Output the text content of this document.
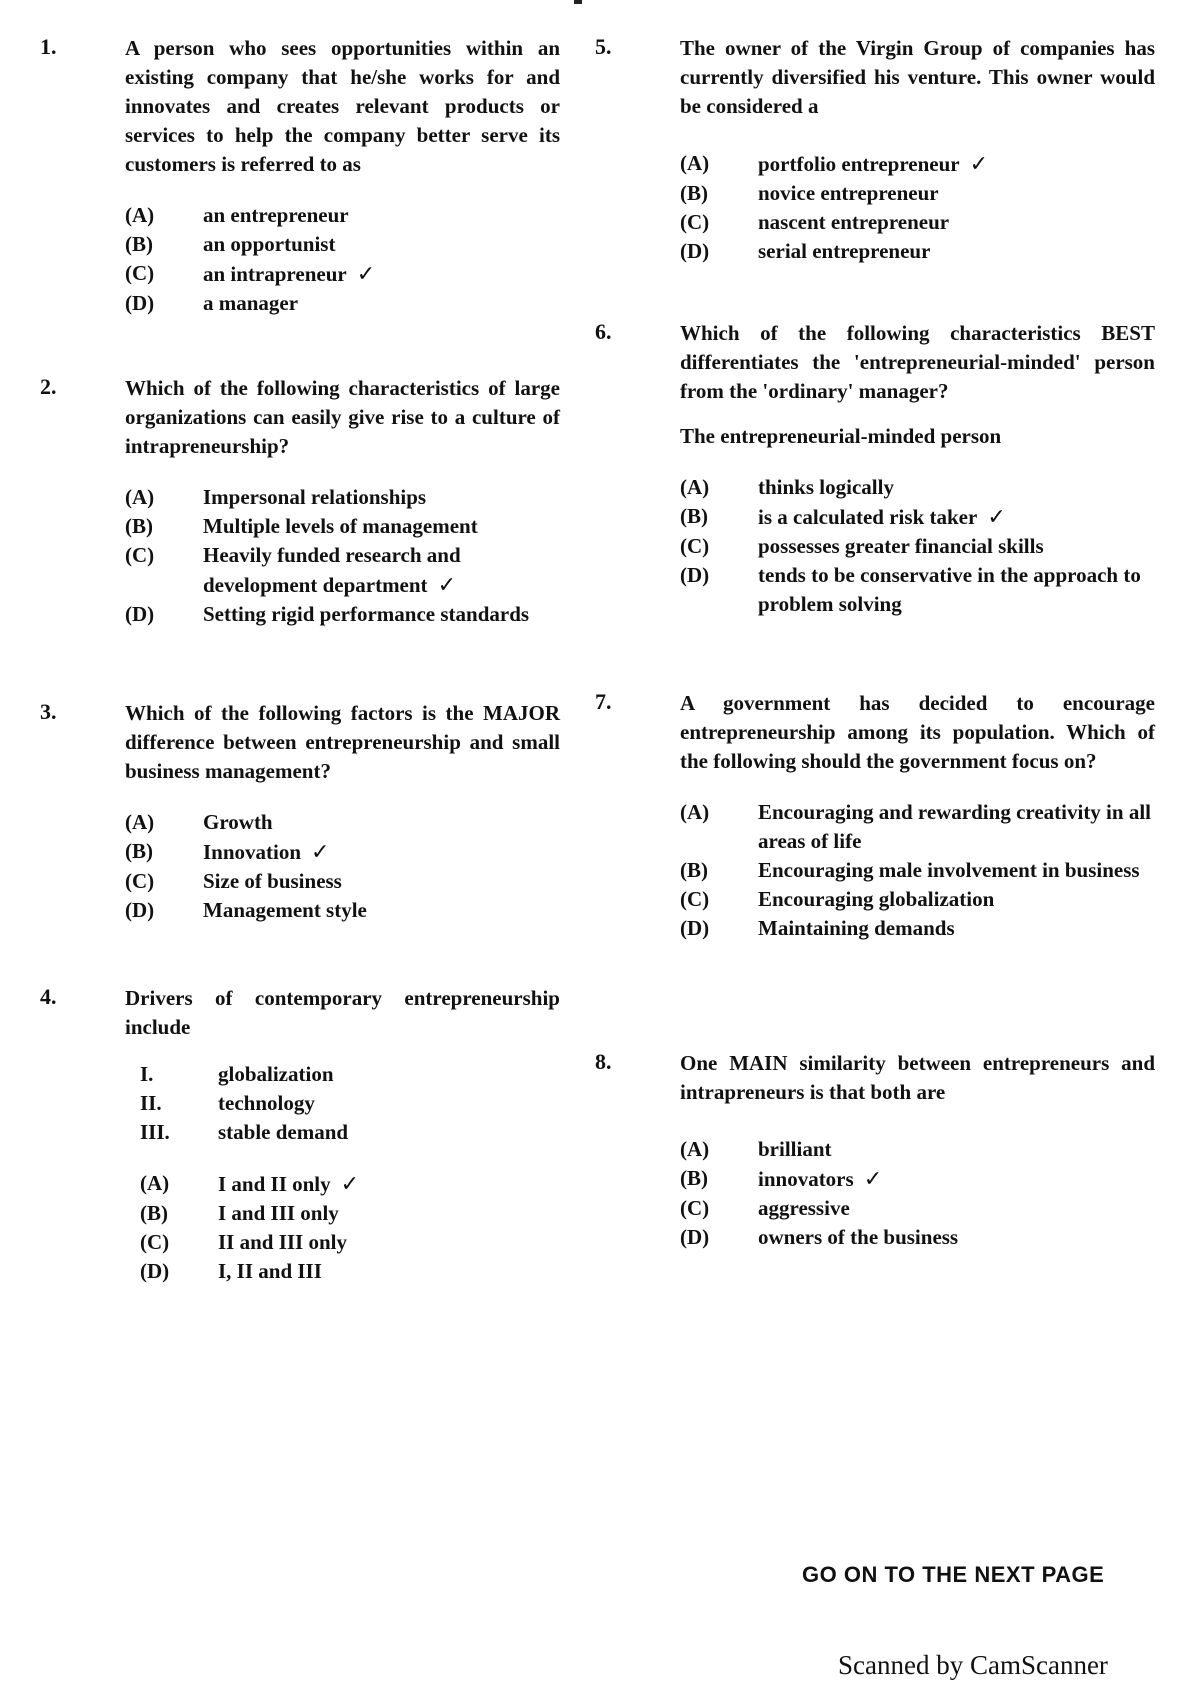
1.	A person who sees opportunities within an existing company that he/she works for and innovates and creates relevant products or services to help the company better serve its customers is referred to as
(A)	an entrepreneur
(B)	an opportunist
(C)	an intrapreneur ✓
(D)	a manager
2.	Which of the following characteristics of large organizations can easily give rise to a culture of intrapreneurship?
(A)	Impersonal relationships
(B)	Multiple levels of management
(C)	Heavily funded research and development department ✓
(D)	Setting rigid performance standards
3.	Which of the following factors is the MAJOR difference between entrepreneurship and small business management?
(A)	Growth
(B)	Innovation ✓
(C)	Size of business
(D)	Management style
4.	Drivers of contemporary entrepreneurship include
I.	globalization
II.	technology
III.	stable demand
(A)	I and II only ✓
(B)	I and III only
(C)	II and III only
(D)	I, II and III
5.	The owner of the Virgin Group of companies has currently diversified his venture. This owner would be considered a
(A)	portfolio entrepreneur ✓
(B)	novice entrepreneur
(C)	nascent entrepreneur
(D)	serial entrepreneur
6.	Which of the following characteristics BEST differentiates the 'entrepreneurial-minded' person from the 'ordinary' manager?
The entrepreneurial-minded person
(A)	thinks logically
(B)	is a calculated risk taker ✓
(C)	possesses greater financial skills
(D)	tends to be conservative in the approach to problem solving
7.	A government has decided to encourage entrepreneurship among its population. Which of the following should the government focus on?
(A)	Encouraging and rewarding creativity in all areas of life
(B)	Encouraging male involvement in business
(C)	Encouraging globalization
(D)	Maintaining demands
8.	One MAIN similarity between entrepreneurs and intrapreneurs is that both are
(A)	brilliant
(B)	innovators ✓
(C)	aggressive
(D)	owners of the business
GO ON TO THE NEXT PAGE
Scanned by CamScanner
